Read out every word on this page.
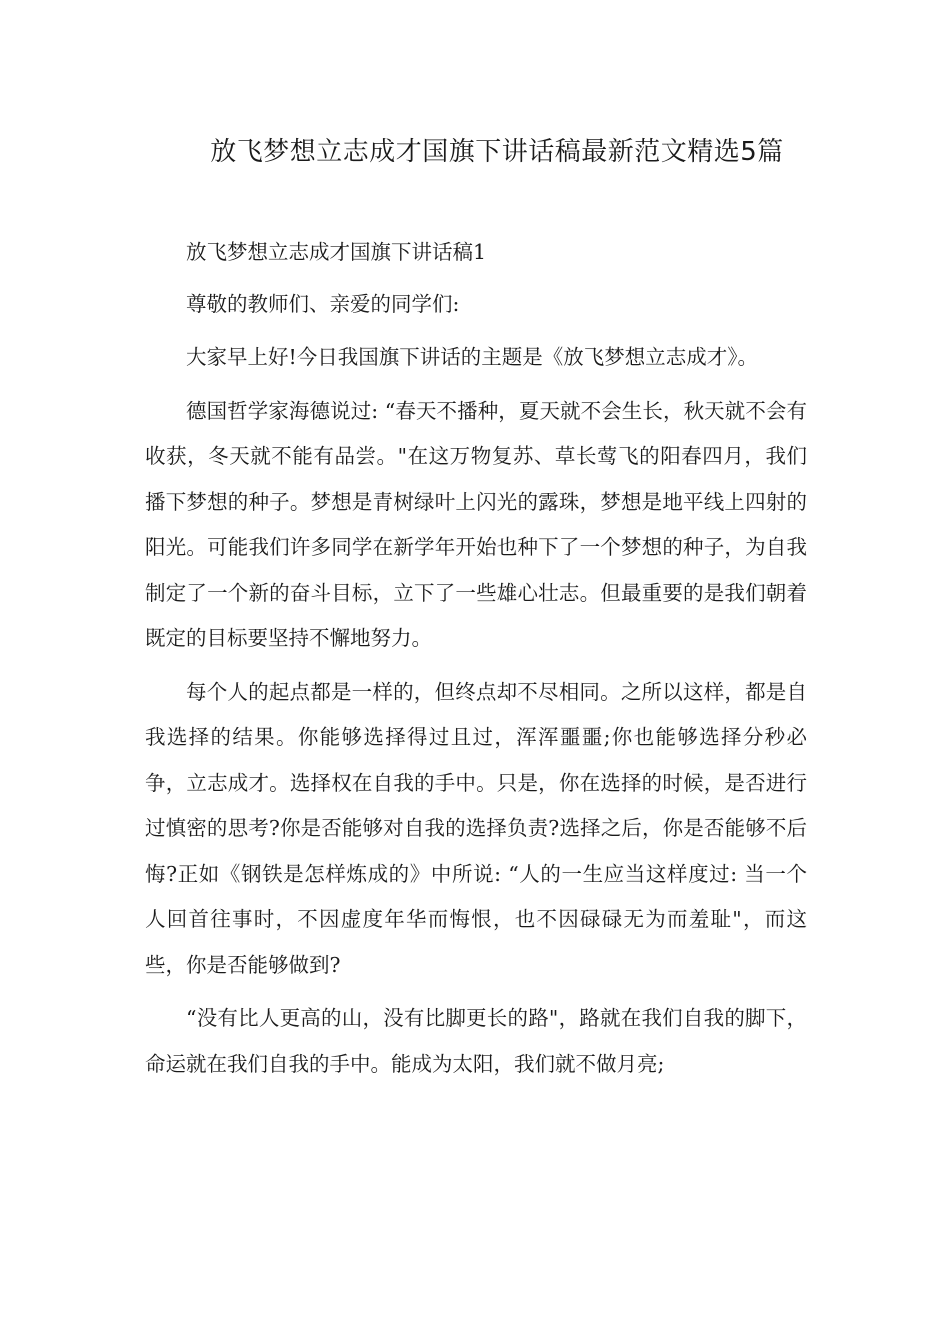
放飞梦想立志成才国旗下讲话稿最新范文精选5篇

放飞梦想立志成才国旗下讲话稿1

尊敬的教师们、亲爱的同学们:

大家早上好!今日我国旗下讲话的主题是《放飞梦想立志成才》。

德国哲学家海德说过: “春天不播种，夏天就不会生长，秋天就不会有收获，冬天就不能有品尝。"在这万物复苏、草长莺飞的阳春四月，我们播下梦想的种子。梦想是青树绿叶上闪光的露珠，梦想是地平线上四射的阳光。可能我们许多同学在新学年开始也种下了一个梦想的种子，为自我制定了一个新的奋斗目标，立下了一些雄心壮志。但最重要的是我们朝着既定的目标要坚持不懈地努力。

每个人的起点都是一样的，但终点却不尽相同。之所以这样，都是自我选择的结果。你能够选择得过且过，浑浑噩噩;你也能够选择分秒必争，立志成才。选择权在自我的手中。只是，你在选择的时候，是否进行过慎密的思考?你是否能够对自我的选择负责?选择之后，你是否能够不后悔?正如《钢铁是怎样炼成的》中所说: “人的一生应当这样度过: 当一个人回首往事时，不因虚度年华而悔恨，也不因碌碌无为而羞耻"，而这些，你是否能够做到?

“没有比人更高的山，没有比脚更长的路"，路就在我们自我的脚下，命运就在我们自我的手中。能成为太阳，我们就不做月亮;
